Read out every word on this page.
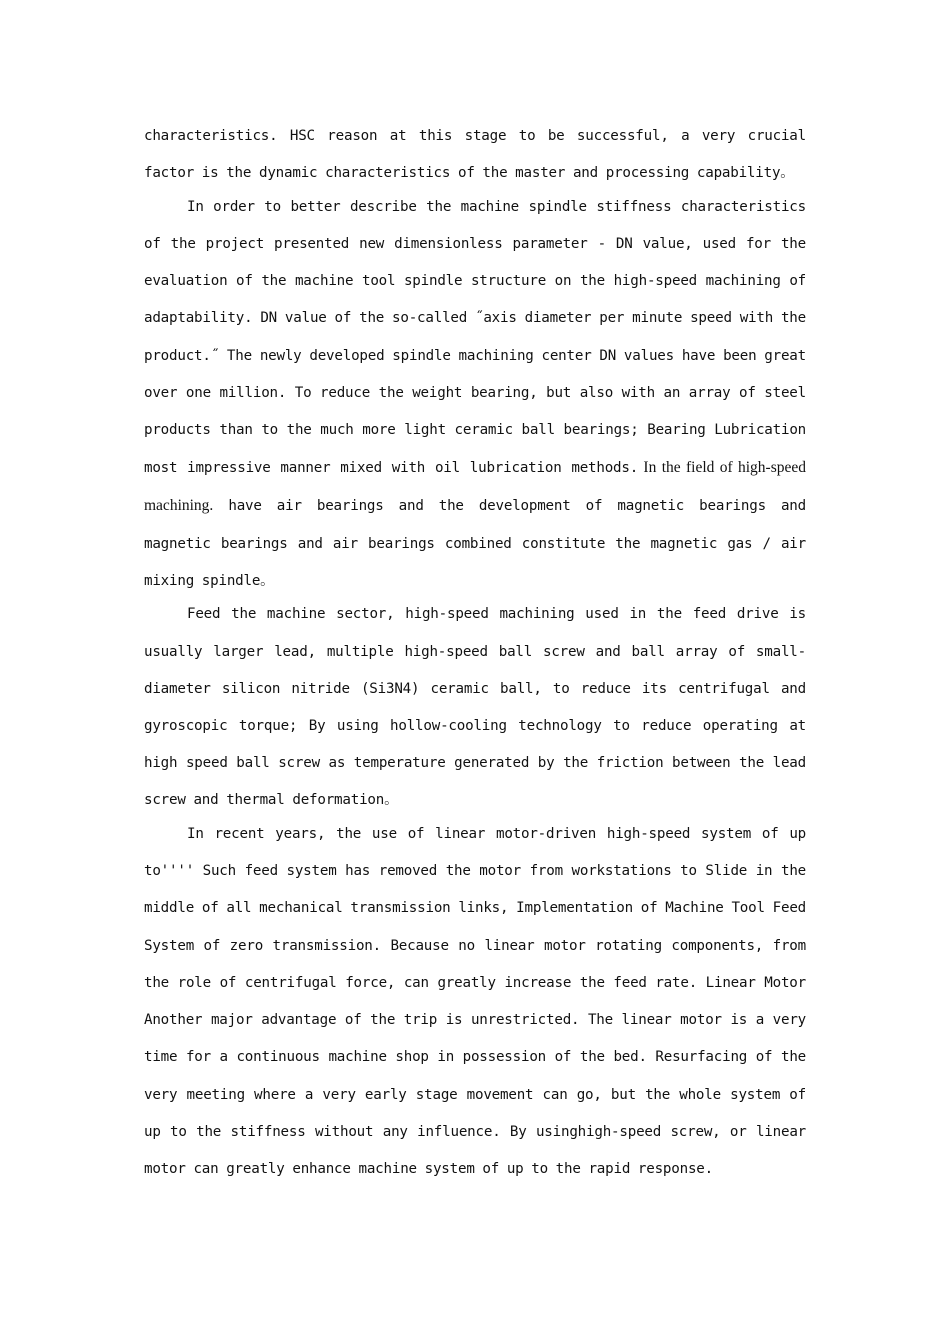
characteristics. HSC reason at this stage to be successful, a very crucial factor is the dynamic characteristics of the master and processing capability。

In order to better describe the machine spindle stiffness characteristics of the project presented new dimensionless parameter - DN value, used for the evaluation of the machine tool spindle structure on the high-speed machining of adaptability. DN value of the so-called ˝axis diameter per minute speed with the product.˝ The newly developed spindle machining center DN values have been great over one million. To reduce the weight bearing, but also with an array of steel products than to the much more light ceramic ball bearings; Bearing Lubrication most impressive manner mixed with oil lubrication methods. In the field of high-speed machining. have air bearings and the development of magnetic bearings and magnetic bearings and air bearings combined constitute the magnetic gas / air mixing spindle。

Feed the machine sector, high-speed machining used in the feed drive is usually larger lead, multiple high-speed ball screw and ball array of small-diameter silicon nitride (Si3N4) ceramic ball, to reduce its centrifugal and gyroscopic torque; By using hollow-cooling technology to reduce operating at high speed ball screw as temperature generated by the friction between the lead screw and thermal deformation。

In recent years, the use of linear motor-driven high-speed system of up to'''' Such feed system has removed the motor from workstations to Slide in the middle of all mechanical transmission links, Implementation of Machine Tool Feed System of zero transmission. Because no linear motor rotating components, from the role of centrifugal force, can greatly increase the feed rate. Linear Motor Another major advantage of the trip is unrestricted. The linear motor is a very time for a continuous machine shop in possession of the bed. Resurfacing of the very meeting where a very early stage movement can go, but the whole system of up to the stiffness without any influence. By usinghigh-speed screw, or linear motor can greatly enhance machine system of up to the rapid response.
